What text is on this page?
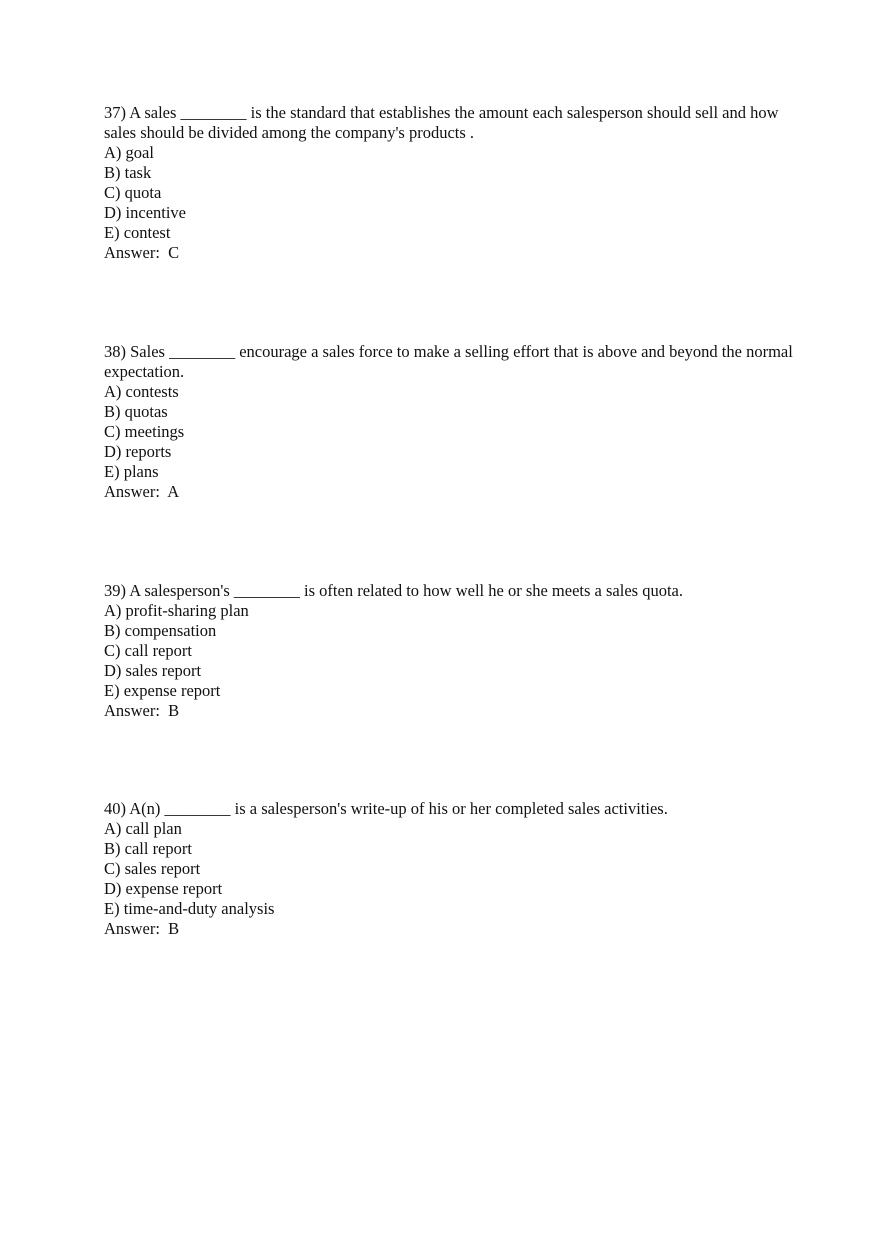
37) A sales ________ is the standard that establishes the amount each salesperson should sell and how sales should be divided among the company's products .

A) goal
B) task
C) quota
D) incentive
E) contest

Answer:  C

38) Sales ________ encourage a sales force to make a selling effort that is above and beyond the normal expectation.

A) contests
B) quotas
C) meetings
D) reports
E) plans

Answer:  A

39) A salesperson's ________ is often related to how well he or she meets a sales quota.

A) profit-sharing plan
B) compensation
C) call report
D) sales report
E) expense report

Answer:  B

40) A(n) ________ is a salesperson's write-up of his or her completed sales activities.

A) call plan
B) call report
C) sales report
D) expense report
E) time-and-duty analysis

Answer:  B
